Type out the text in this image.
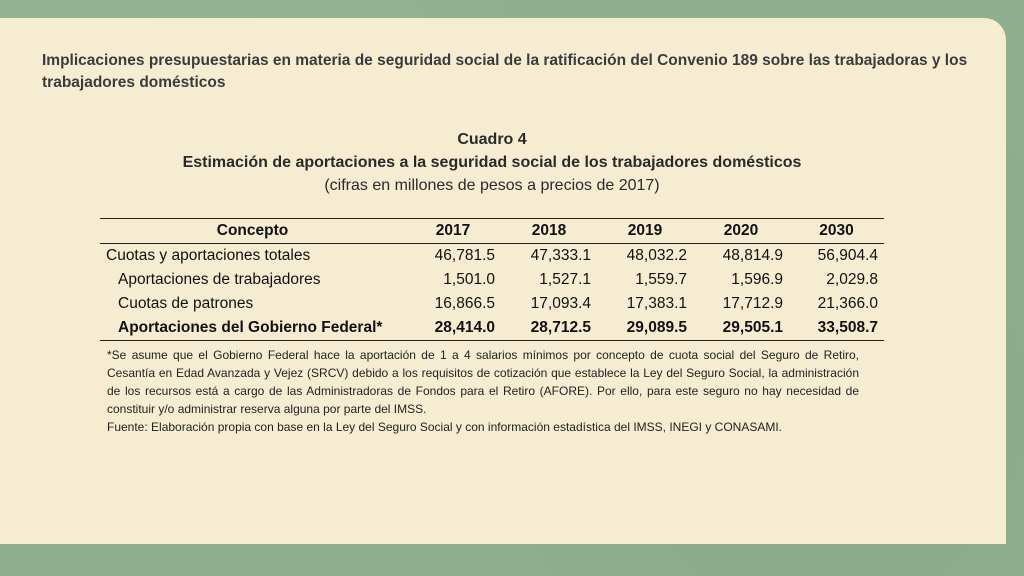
Implicaciones presupuestarias en materia de seguridad social de la ratificación del Convenio 189 sobre las trabajadoras y los trabajadores domésticos
Cuadro 4
Estimación de aportaciones a la seguridad social de los trabajadores domésticos
(cifras en millones de pesos a precios de 2017)
Concepto	2017	2018	2019	2020	2030
Cuotas y aportaciones totales	46,781.5	47,333.1	48,032.2	48,814.9	56,904.4
Aportaciones de trabajadores	1,501.0	1,527.1	1,559.7	1,596.9	2,029.8
Cuotas de patrones	16,866.5	17,093.4	17,383.1	17,712.9	21,366.0
Aportaciones del Gobierno Federal*	28,414.0	28,712.5	29,089.5	29,505.1	33,508.7
*Se asume que el Gobierno Federal hace la aportación de 1 a 4 salarios mínimos por concepto de cuota social del Seguro de Retiro, Cesantía en Edad Avanzada y Vejez (SRCV) debido a los requisitos de cotización que establece la Ley del Seguro Social, la administración de los recursos está a cargo de las Administradoras de Fondos para el Retiro (AFORE). Por ello, para este seguro no hay necesidad de constituir y/o administrar reserva alguna por parte del IMSS.
Fuente: Elaboración propia con base en la Ley del Seguro Social y con información estadística del IMSS, INEGI y CONASAMI.
